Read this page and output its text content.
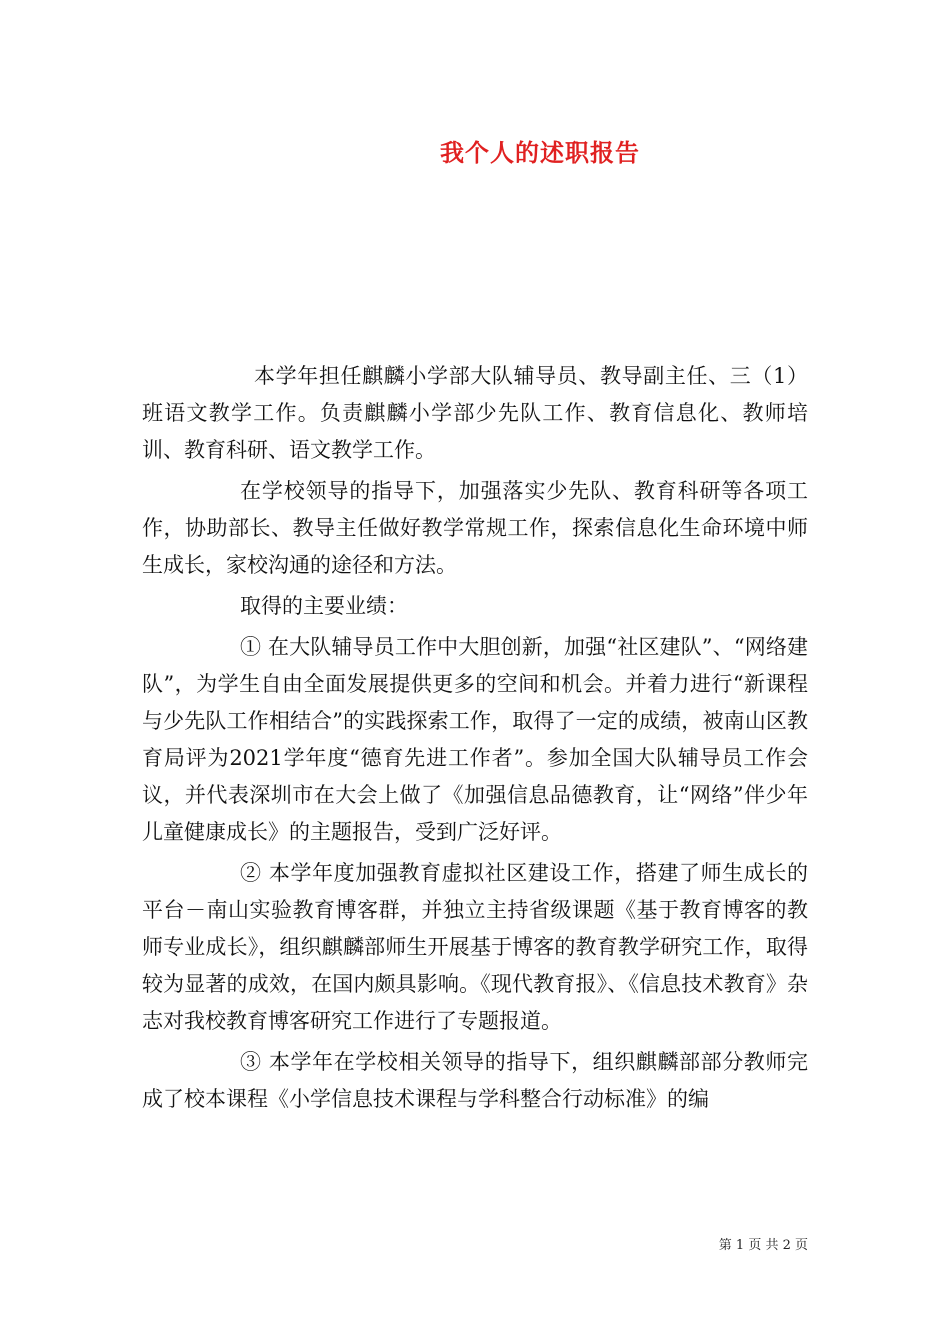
我个人的述职报告

本学年担任麒麟小学部大队辅导员、教导副主任、三（1）班语文教学工作。负责麒麟小学部少先队工作、教育信息化、教师培训、教育科研、语文教学工作。

在学校领导的指导下，加强落实少先队、教育科研等各项工作，协助部长、教导主任做好教学常规工作，探索信息化生命环境中师生成长，家校沟通的途径和方法。

取得的主要业绩：

① 在大队辅导员工作中大胆创新，加强“社区建队”、“网络建队”，为学生自由全面发展提供更多的空间和机会。并着力进行“新课程与少先队工作相结合”的实践探索工作，取得了一定的成绩，被南山区教育局评为2021学年度“德育先进工作者”。参加全国大队辅导员工作会议，并代表深圳市在大会上做了《加强信息品德教育，让“网络”伴少年儿童健康成长》的主题报告，受到广泛好评。

② 本学年度加强教育虚拟社区建设工作，搭建了师生成长的平台－南山实验教育博客群，并独立主持省级课题《基于教育博客的教师专业成长》，组织麒麟部师生开展基于博客的教育教学研究工作，取得较为显著的成效，在国内颇具影响。《现代教育报》、《信息技术教育》杂志对我校教育博客研究工作进行了专题报道。

③ 本学年在学校相关领导的指导下，组织麒麟部部分教师完成了校本课程《小学信息技术课程与学科整合行动标准》的编

第 1 页 共 2 页
